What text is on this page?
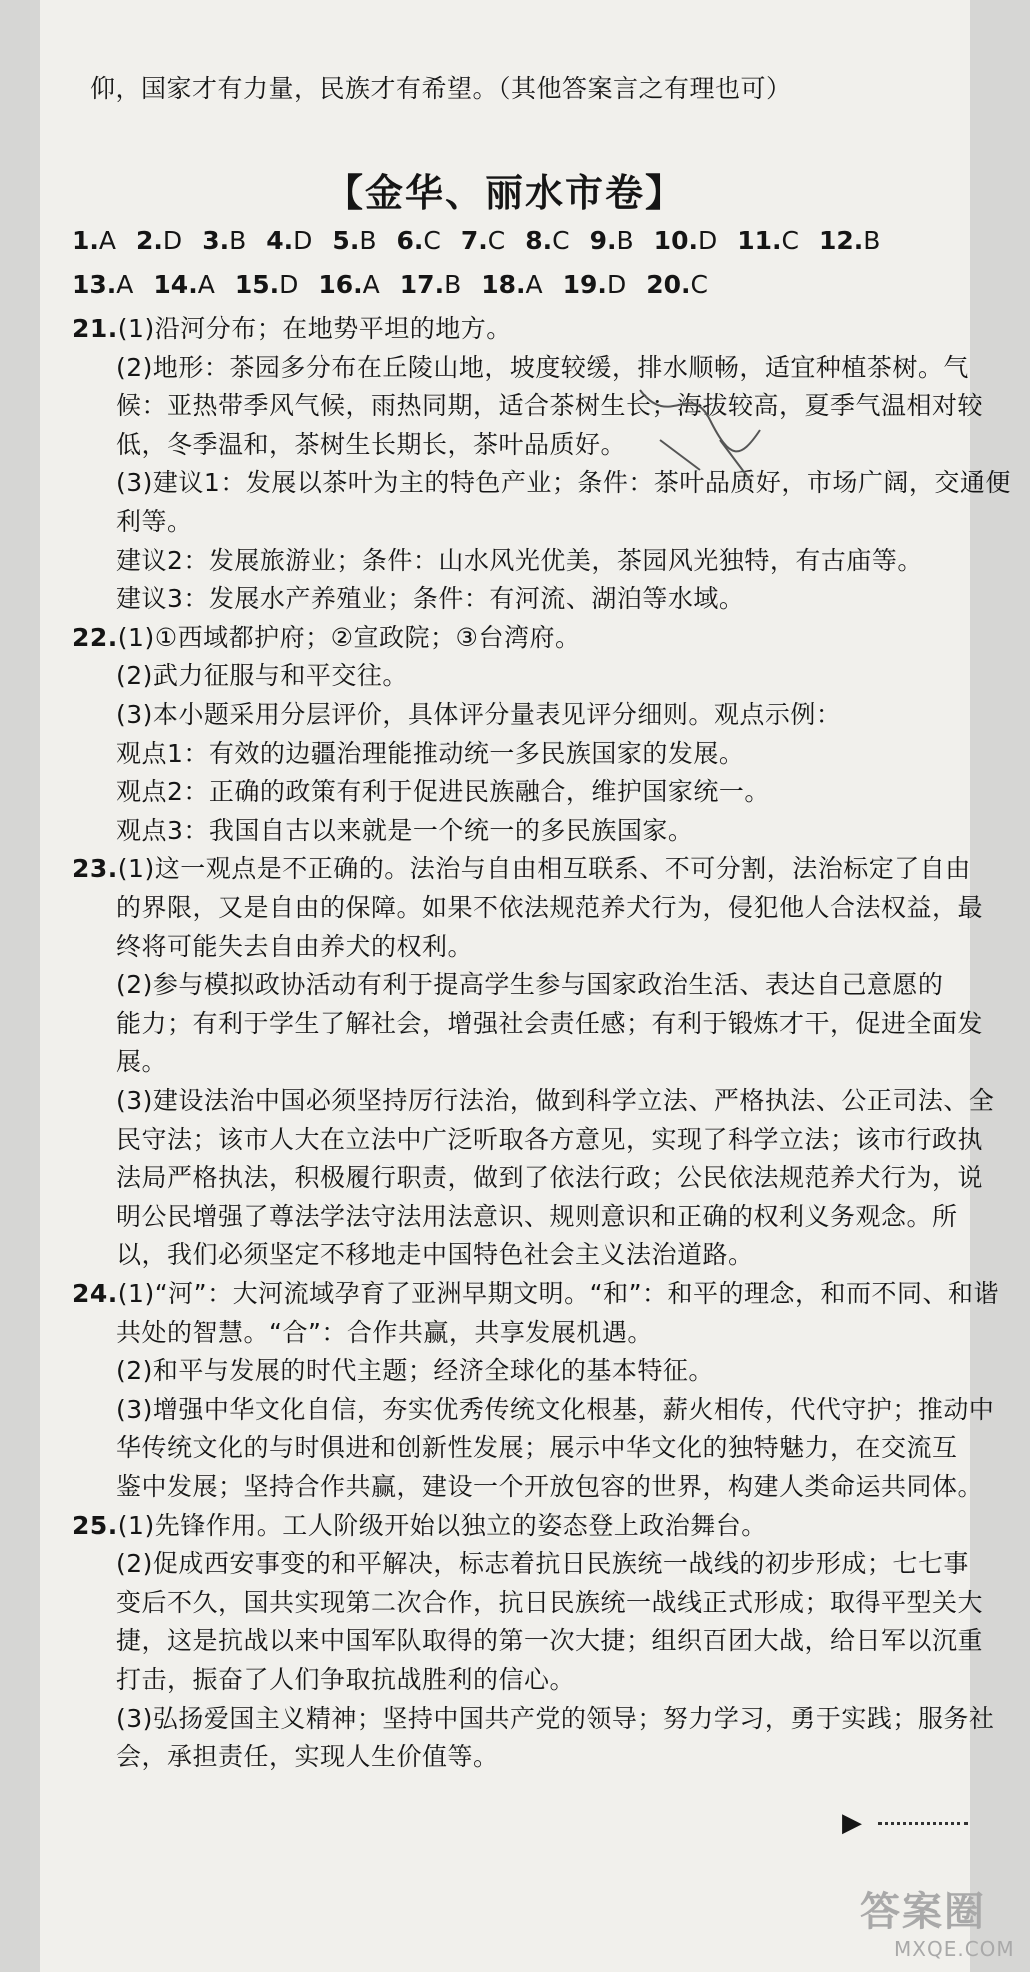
仰，国家才有力量，民族才有希望。（其他答案言之有理也可）
【金华、丽水市卷】
1.A 2.D 3.B 4.D 5.B 6.C 7.C 8.C 9.B 10.D 11.C 12.B
13.A 14.A 15.D 16.A 17.B 18.A 19.D 20.C
21.(1)沿河分布；在地势平坦的地方。
(2)地形：茶园多分布在丘陵山地，坡度较缓，排水顺畅，适宜种植茶树。气
候：亚热带季风气候，雨热同期，适合茶树生长；海拔较高，夏季气温相对较
低，冬季温和，茶树生长期长，茶叶品质好。
(3)建议1：发展以茶叶为主的特色产业；条件：茶叶品质好，市场广阔，交通便
利等。
建议2：发展旅游业；条件：山水风光优美，茶园风光独特，有古庙等。
建议3：发展水产养殖业；条件：有河流、湖泊等水域。
22.(1)①西域都护府；②宣政院；③台湾府。
(2)武力征服与和平交往。
(3)本小题采用分层评价，具体评分量表见评分细则。观点示例：
观点1：有效的边疆治理能推动统一多民族国家的发展。
观点2：正确的政策有利于促进民族融合，维护国家统一。
观点3：我国自古以来就是一个统一的多民族国家。
23.(1)这一观点是不正确的。法治与自由相互联系、不可分割，法治标定了自由
的界限，又是自由的保障。如果不依法规范养犬行为，侵犯他人合法权益，最
终将可能失去自由养犬的权利。
(2)参与模拟政协活动有利于提高学生参与国家政治生活、表达自己意愿的
能力；有利于学生了解社会，增强社会责任感；有利于锻炼才干，促进全面发
展。
(3)建设法治中国必须坚持厉行法治，做到科学立法、严格执法、公正司法、全
民守法；该市人大在立法中广泛听取各方意见，实现了科学立法；该市行政执
法局严格执法，积极履行职责，做到了依法行政；公民依法规范养犬行为，说
明公民增强了尊法学法守法用法意识、规则意识和正确的权利义务观念。所
以，我们必须坚定不移地走中国特色社会主义法治道路。
24.(1)“河”：大河流域孕育了亚洲早期文明。“和”：和平的理念，和而不同、和谐
共处的智慧。“合”：合作共赢，共享发展机遇。
(2)和平与发展的时代主题；经济全球化的基本特征。
(3)增强中华文化自信，夯实优秀传统文化根基，薪火相传，代代守护；推动中
华传统文化的与时俱进和创新性发展；展示中华文化的独特魅力，在交流互
鉴中发展；坚持合作共赢，建设一个开放包容的世界，构建人类命运共同体。
25.(1)先锋作用。工人阶级开始以独立的姿态登上政治舞台。
(2)促成西安事变的和平解决，标志着抗日民族统一战线的初步形成；七七事
变后不久，国共实现第二次合作，抗日民族统一战线正式形成；取得平型关大
捷，这是抗战以来中国军队取得的第一次大捷；组织百团大战，给日军以沉重
打击，振奋了人们争取抗战胜利的信心。
(3)弘扬爱国主义精神；坚持中国共产党的领导；努力学习，勇于实践；服务社
会，承担责任，实现人生价值等。
▶
答案圈
MXQE.COM
